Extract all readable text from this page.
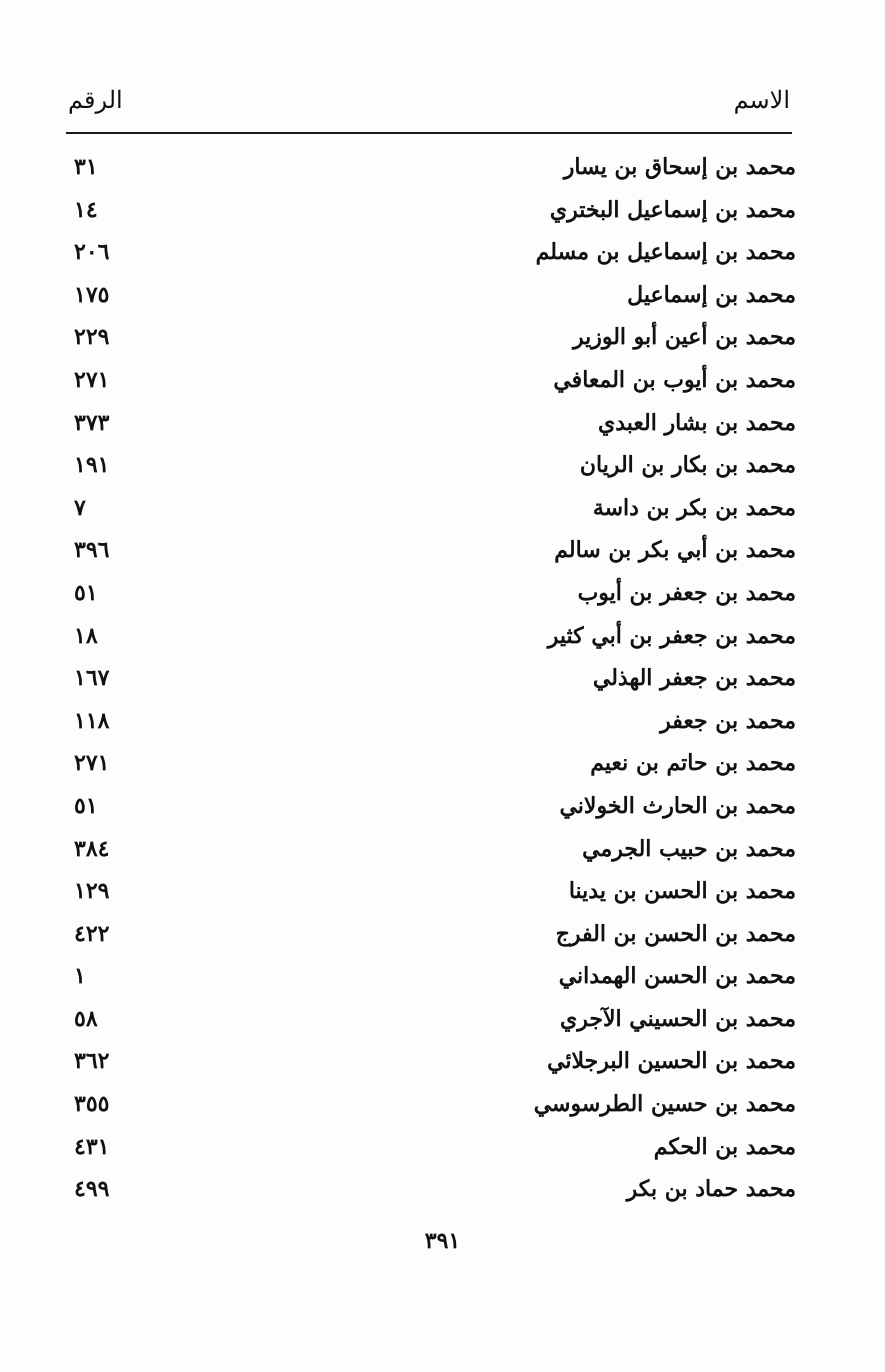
الاسم
الرقم
محمد بن إسحاق بن يسار
٣١
محمد بن إسماعيل البختري
١٤
محمد بن إسماعيل بن مسلم
٢٠٦
محمد بن إسماعيل
١٧٥
محمد بن أعين أبو الوزير
٢٢٩
محمد بن أيوب بن المعافي
٢٧١
محمد بن بشار العبدي
٣٧٣
محمد بن بكار بن الريان
١٩١
محمد بن بكر بن داسة
٧
محمد بن أبي بكر بن سالم
٣٩٦
محمد بن جعفر بن أيوب
٥١
محمد بن جعفر بن أبي كثير
١٨
محمد بن جعفر الهذلي
١٦٧
محمد بن جعفر
١١٨
محمد بن حاتم بن نعيم
٢٧١
محمد بن الحارث الخولاني
٥١
محمد بن حبيب الجرمي
٣٨٤
محمد بن الحسن بن يدينا
١٢٩
محمد بن الحسن بن الفرج
٤٢٢
محمد بن الحسن الهمداني
١
محمد بن الحسيني الآجري
٥٨
محمد بن الحسين البرجلائي
٣٦٢
محمد بن حسين الطرسوسي
٣٥٥
محمد بن الحكم
٤٣١
محمد حماد بن بكر
٤٩٩
٣٩١
